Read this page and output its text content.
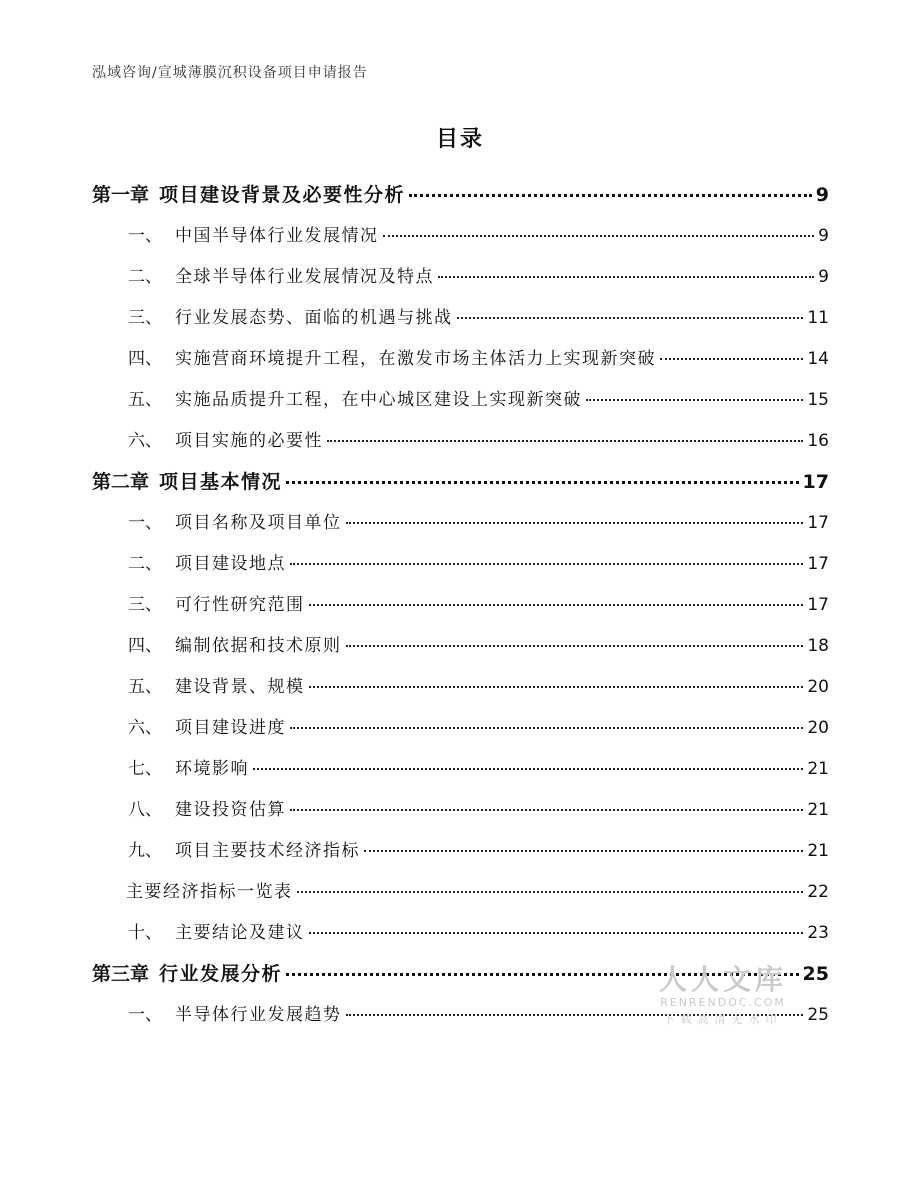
泓域咨询/宣城薄膜沉积设备项目申请报告
目录
第一章 项目建设背景及必要性分析	9
一、 中国半导体行业发展情况	9
二、 全球半导体行业发展情况及特点	9
三、 行业发展态势、面临的机遇与挑战	11
四、 实施营商环境提升工程，在激发市场主体活力上实现新突破	14
五、 实施品质提升工程，在中心城区建设上实现新突破	15
六、 项目实施的必要性	16
第二章 项目基本情况	17
一、 项目名称及项目单位	17
二、 项目建设地点	17
三、 可行性研究范围	17
四、 编制依据和技术原则	18
五、 建设背景、规模	20
六、 项目建设进度	20
七、 环境影响	21
八、 建设投资估算	21
九、 项目主要技术经济指标	21
主要经济指标一览表	22
十、 主要结论及建议	23
第三章 行业发展分析	25
一、 半导体行业发展趋势	25
人人文库
RENRENDOC.COM
下载高清无水印
